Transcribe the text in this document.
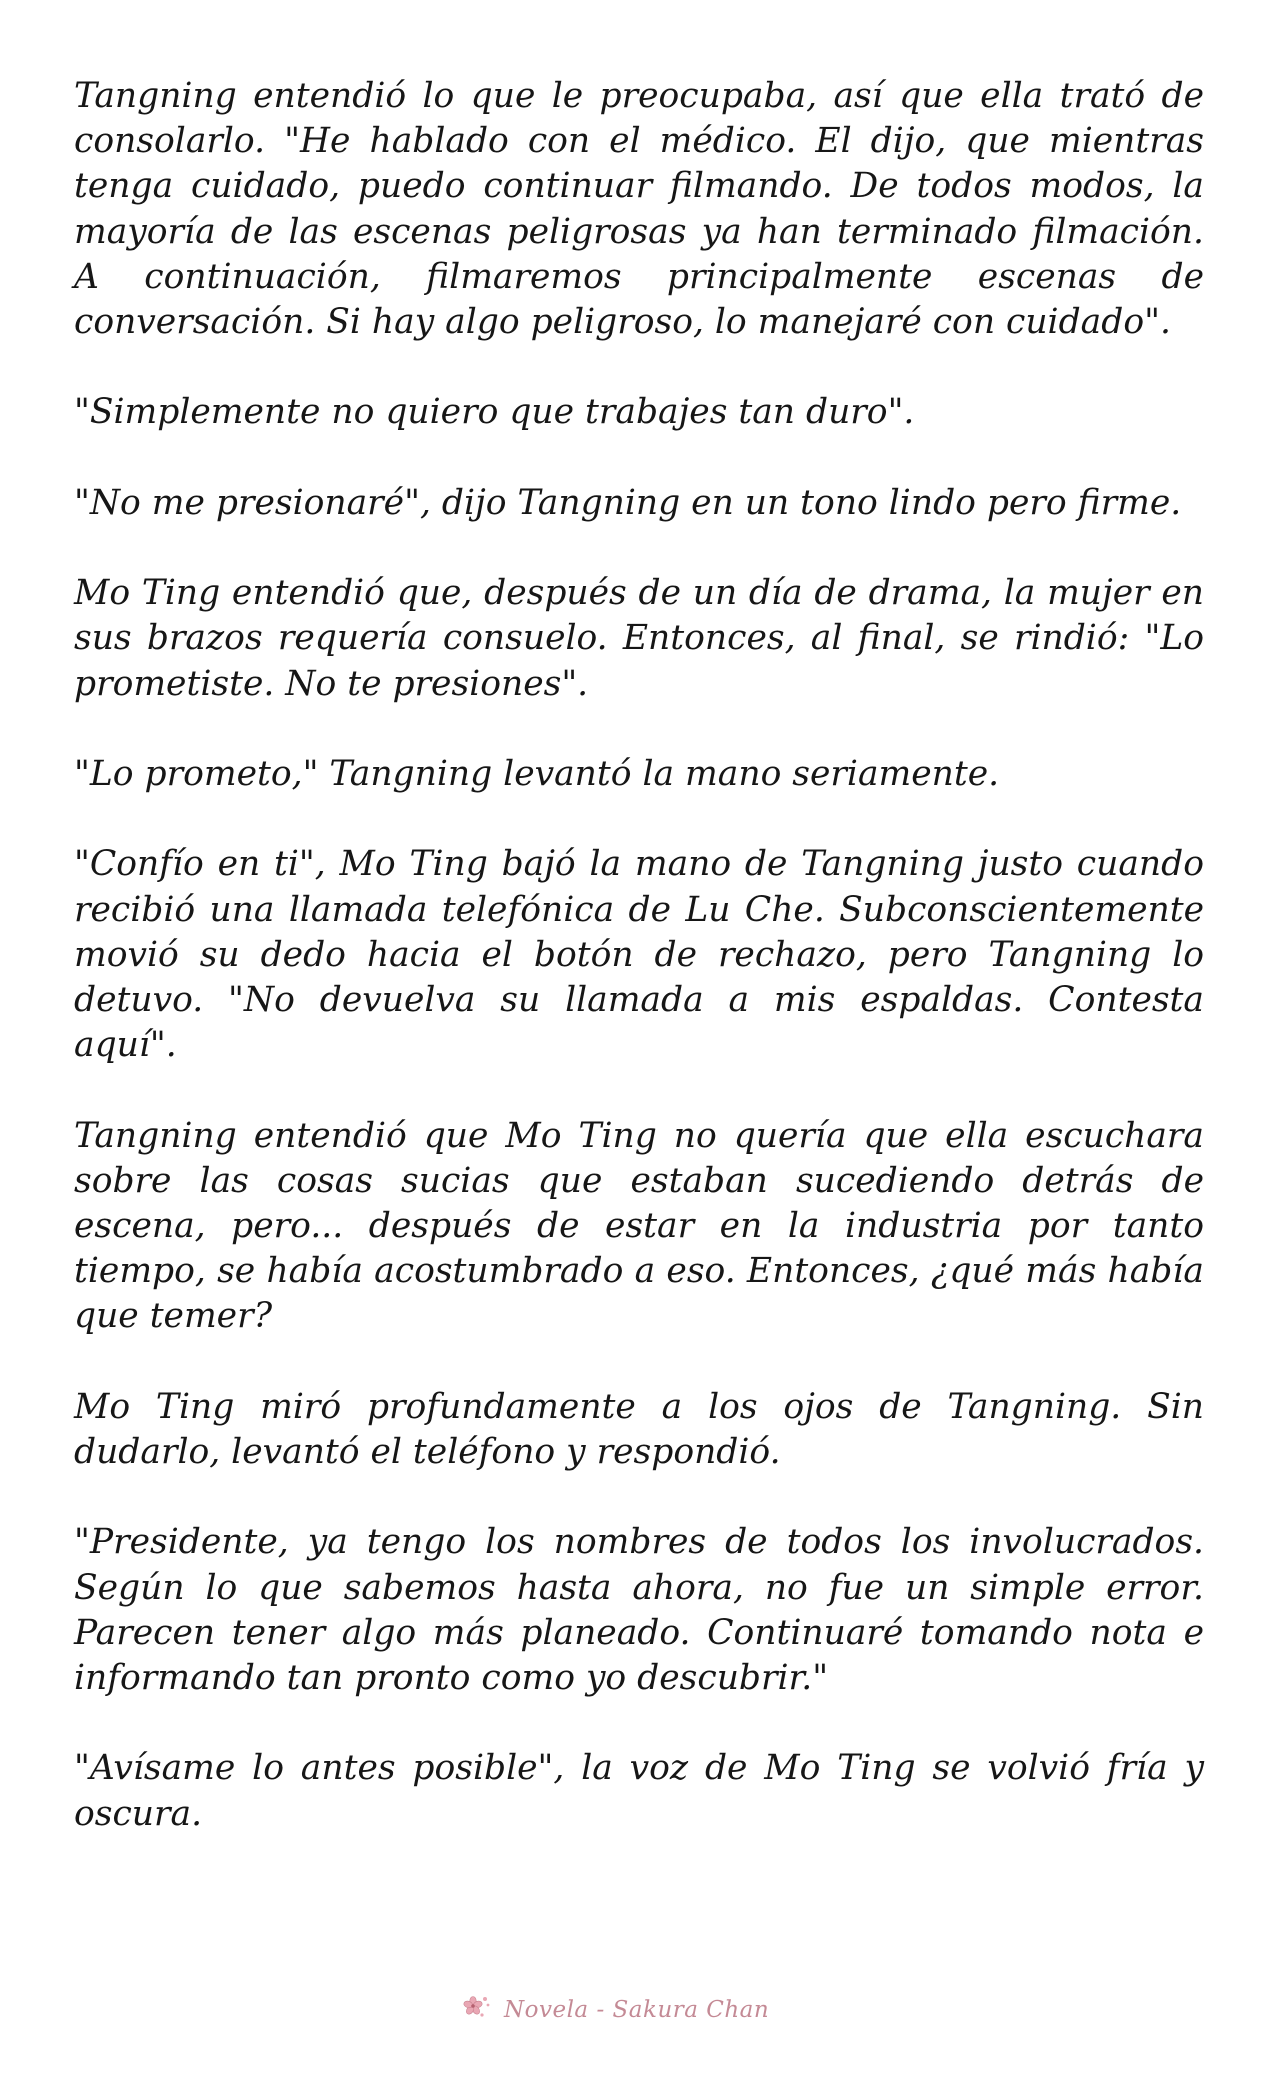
Tangning entendió lo que le preocupaba, así que ella trató de consolarlo. "He hablado con el médico. El dijo, que mientras tenga cuidado, puedo continuar filmando. De todos modos, la mayoría de las escenas peligrosas ya han terminado filmación. A continuación, filmaremos principalmente escenas de conversación. Si hay algo peligroso, lo manejaré con cuidado".

"Simplemente no quiero que trabajes tan duro".

"No me presionaré", dijo Tangning en un tono lindo pero firme.

Mo Ting entendió que, después de un día de drama, la mujer en sus brazos requería consuelo. Entonces, al final, se rindió: "Lo prometiste. No te presiones".

"Lo prometo," Tangning levantó la mano seriamente.

"Confío en ti", Mo Ting bajó la mano de Tangning justo cuando recibió una llamada telefónica de Lu Che. Subconscientemente movió su dedo hacia el botón de rechazo, pero Tangning lo detuvo. "No devuelva su llamada a mis espaldas. Contesta aquí".

Tangning entendió que Mo Ting no quería que ella escuchara sobre las cosas sucias que estaban sucediendo detrás de escena, pero... después de estar en la industria por tanto tiempo, se había acostumbrado a eso. Entonces, ¿qué más había que temer?

Mo Ting miró profundamente a los ojos de Tangning. Sin dudarlo, levantó el teléfono y respondió.

"Presidente, ya tengo los nombres de todos los involucrados. Según lo que sabemos hasta ahora, no fue un simple error. Parecen tener algo más planeado. Continuaré tomando nota e informando tan pronto como yo descubrir."

"Avísame lo antes posible", la voz de Mo Ting se volvió fría y oscura.

Novela - Sakura Chan
